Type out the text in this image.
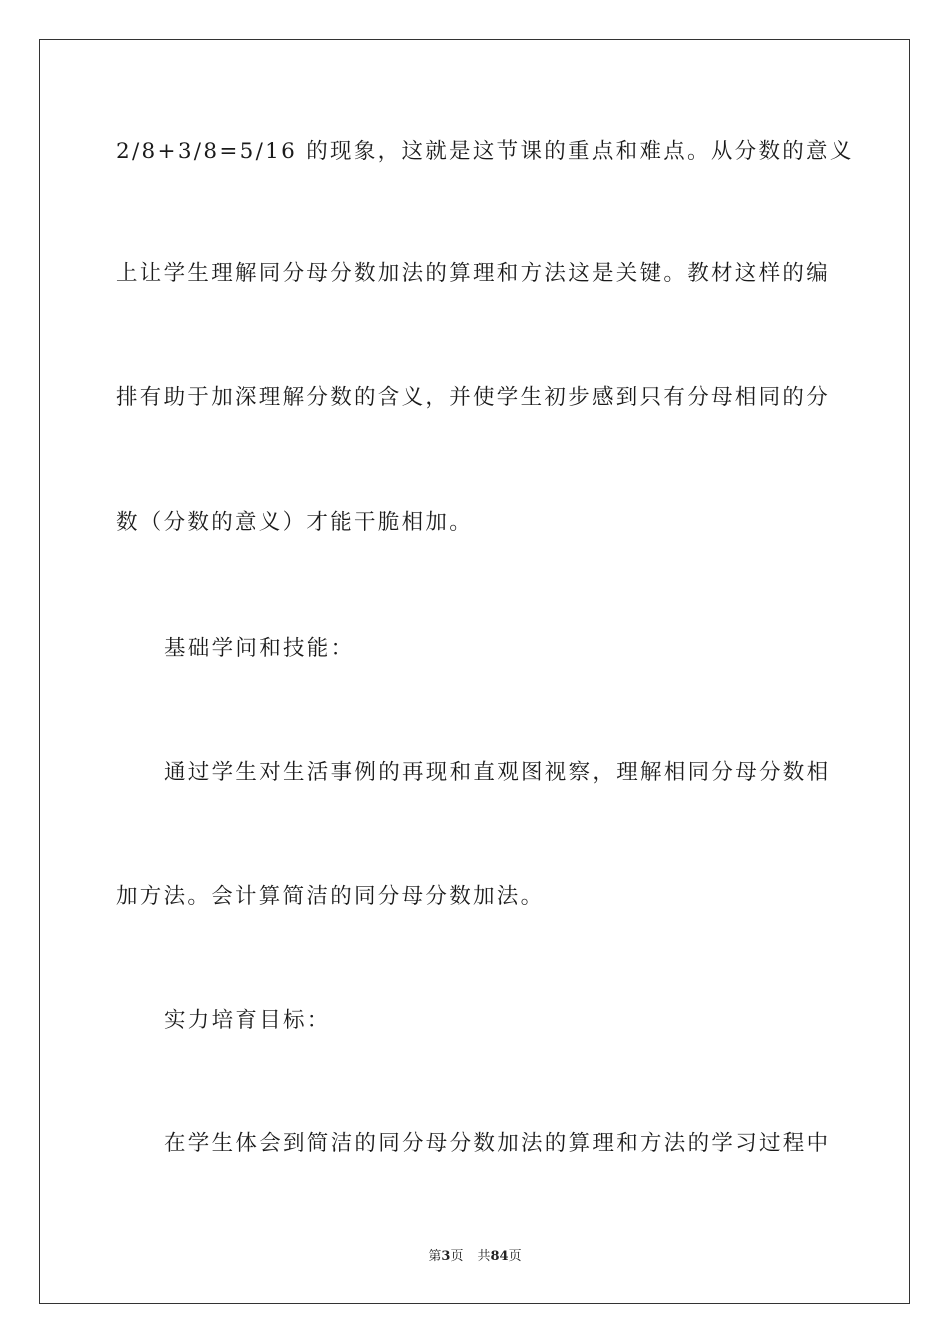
2/8+3/8=5/16 的现象，这就是这节课的重点和难点。从分数的意义
上让学生理解同分母分数加法的算理和方法这是关键。教材这样的编
排有助于加深理解分数的含义，并使学生初步感到只有分母相同的分
数（分数的意义）才能干脆相加。
基础学问和技能：
通过学生对生活事例的再现和直观图视察，理解相同分母分数相
加方法。会计算简洁的同分母分数加法。
实力培育目标：
在学生体会到简洁的同分母分数加法的算理和方法的学习过程中
第3页 共84页
